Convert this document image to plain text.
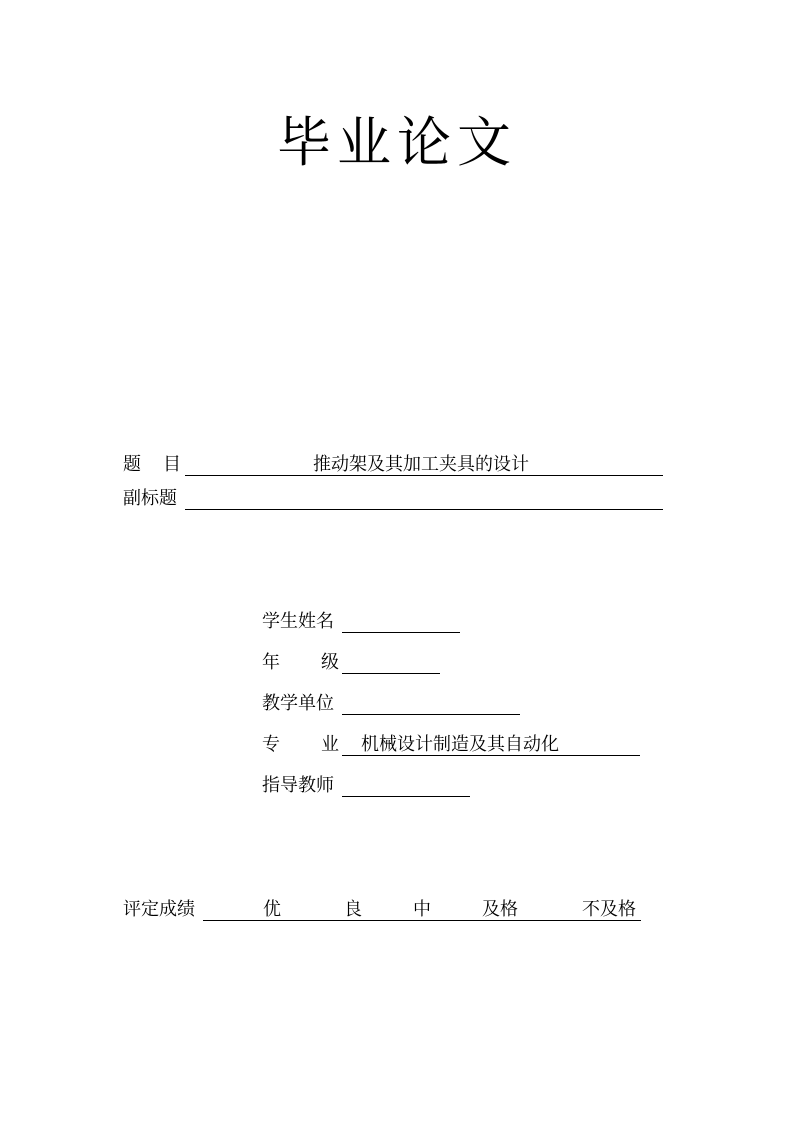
毕业论文
题 目	推动架及其加工夹具的设计
副标题
学生姓名
年 级
教学单位
专 业 机械设计制造及其自动化
指导教师
评定成绩	优	良	中	及格	不及格
